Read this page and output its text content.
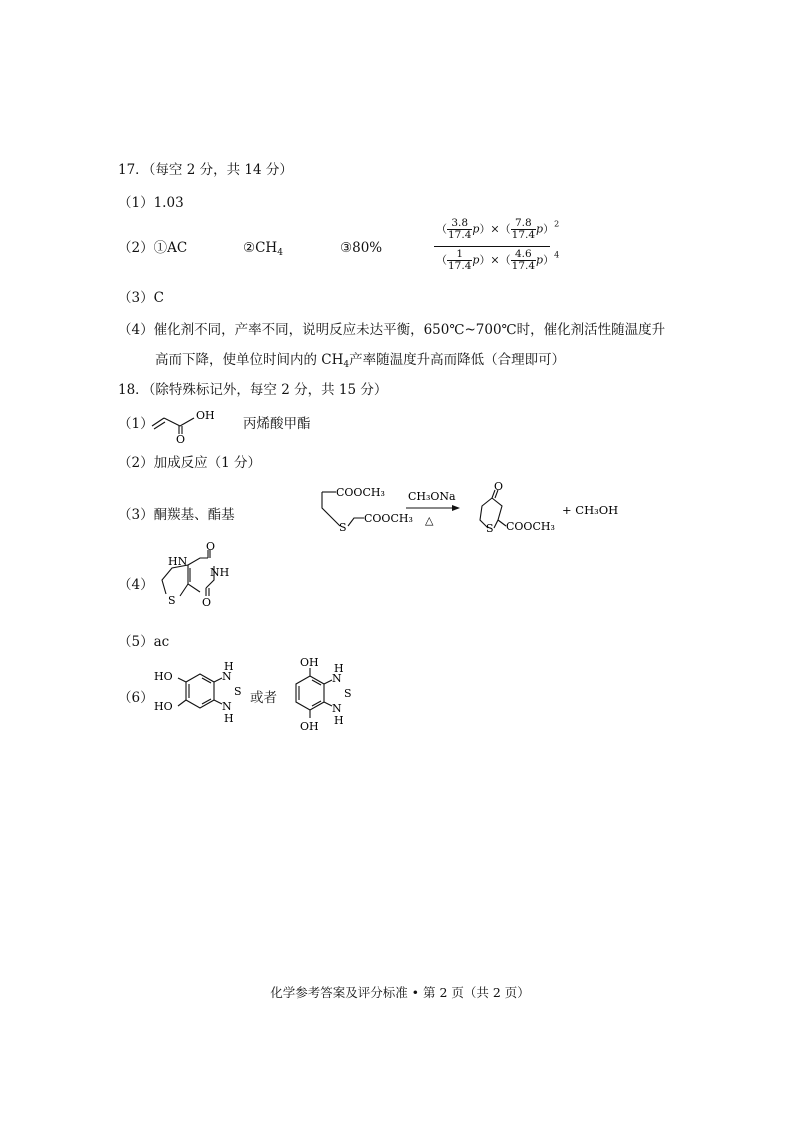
17．（每空 2 分，共 14 分）
（1）1.03
（2）①AC	$②CH_4$	③80%
（ $\frac{3.8}{17.4} p)\times( \frac{7.8}{17.4} p)^2$
（ $\frac{1}{17.4} p)\times( \frac{4.6}{17.4} p)^4$
（3）C
（4）催化剂不同，产率不同，说明反应未达平衡，650℃~700℃时，催化剂活性随温度升
高而下降，使单位时间内的 $CH_4$产率随温度升高而降低（合理即可）
18．（除特殊标记外，每空 2 分，共 15 分）
（1）
OH
O
丙烯酸甲酯
（2）加成反应（1 分）
（3）酮羰基、酯基
COOCH₃
S
COOCH₃
CH₃ONa
△
O
S COOCH₃
+ CH₃OH
（4）
O
HN
NH
O
S
（5）ac
（6）
HO
HO
H
N
S
N
H
或者
OH
OH
H
N
S
N
H
化学参考答案及评分标准 • 第 2 页（共 2 页）
